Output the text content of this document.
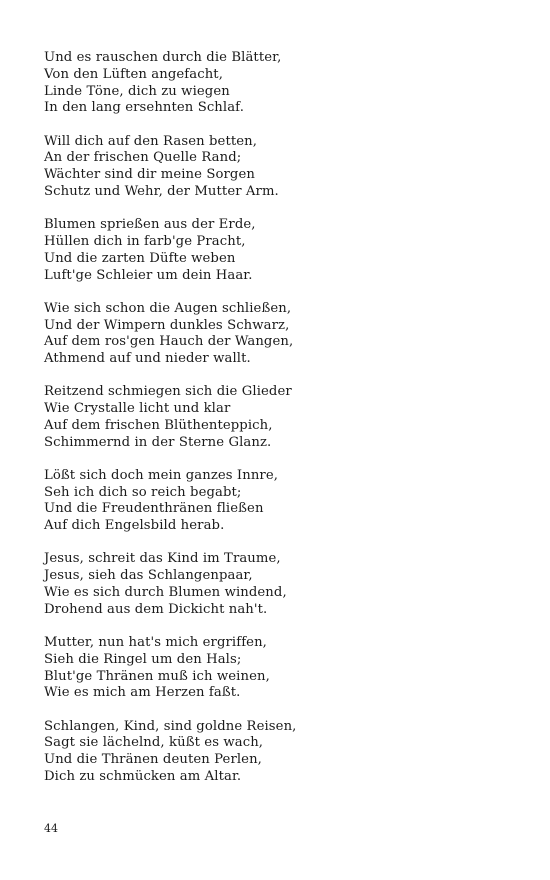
Und es rauschen durch die Blätter,
Von den Lüften angefacht,
Linde Töne, dich zu wiegen
In den lang ersehnten Schlaf.
Will dich auf den Rasen betten,
An der frischen Quelle Rand;
Wächter sind dir meine Sorgen
Schutz und Wehr, der Mutter Arm.
Blumen sprießen aus der Erde,
Hüllen dich in farb'ge Pracht,
Und die zarten Düfte weben
Luft'ge Schleier um dein Haar.
Wie sich schon die Augen schließen,
Und der Wimpern dunkles Schwarz,
Auf dem ros'gen Hauch der Wangen,
Athmend auf und nieder wallt.
Reitzend schmiegen sich die Glieder
Wie Crystalle licht und klar
Auf dem frischen Blüthenteppich,
Schimmernd in der Sterne Glanz.
Lößt sich doch mein ganzes Innre,
Seh ich dich so reich begabt;
Und die Freudenthränen fließen
Auf dich Engelsbild herab.
Jesus, schreit das Kind im Traume,
Jesus, sieh das Schlangenpaar,
Wie es sich durch Blumen windend,
Drohend aus dem Dickicht nah't.
Mutter, nun hat's mich ergriffen,
Sieh die Ringel um den Hals;
Blut'ge Thränen muß ich weinen,
Wie es mich am Herzen faßt.
Schlangen, Kind, sind goldne Reisen,
Sagt sie lächelnd, küßt es wach,
Und die Thränen deuten Perlen,
Dich zu schmücken am Altar.
44
